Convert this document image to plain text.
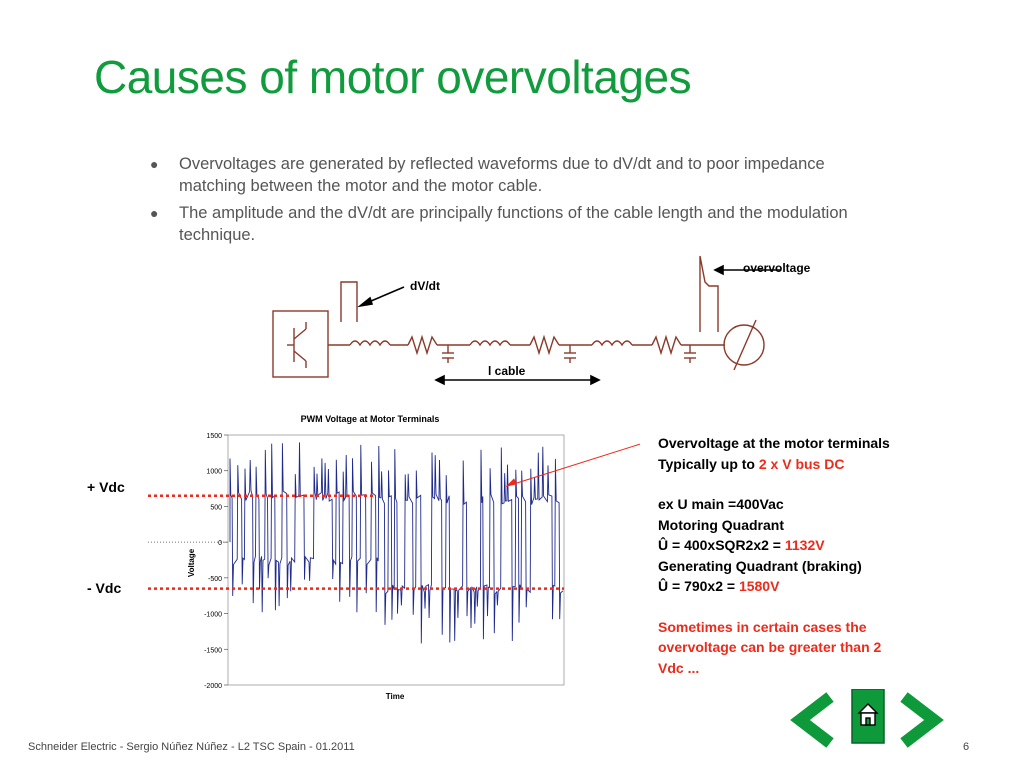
Causes of motor overvoltages
● Overvoltages are generated by reflected waveforms due to dV/dt and to poor impedance matching between the motor and the motor cable.
● The amplitude and the dV/dt are principally functions of the cable length and the modulation technique.
dV/dt
overvoltage
l cable
PWM Voltage at Motor Terminals
1500
1000
500
0
-500
-1000
-1500
-2000
Voltage
Time
+ Vdc
- Vdc
Overvoltage at the motor terminals
Typically up to 2 x V bus DC
ex U main =400Vac
Motoring Quadrant
Û = 400xSQR2x2 = 1132V
Generating Quadrant (braking)
Û = 790x2 = 1580V
Sometimes in certain cases the
overvoltage can be greater than 2
Vdc ...
Schneider Electric - Sergio Núñez Núñez - L2 TSC Spain - 01.2011	6
